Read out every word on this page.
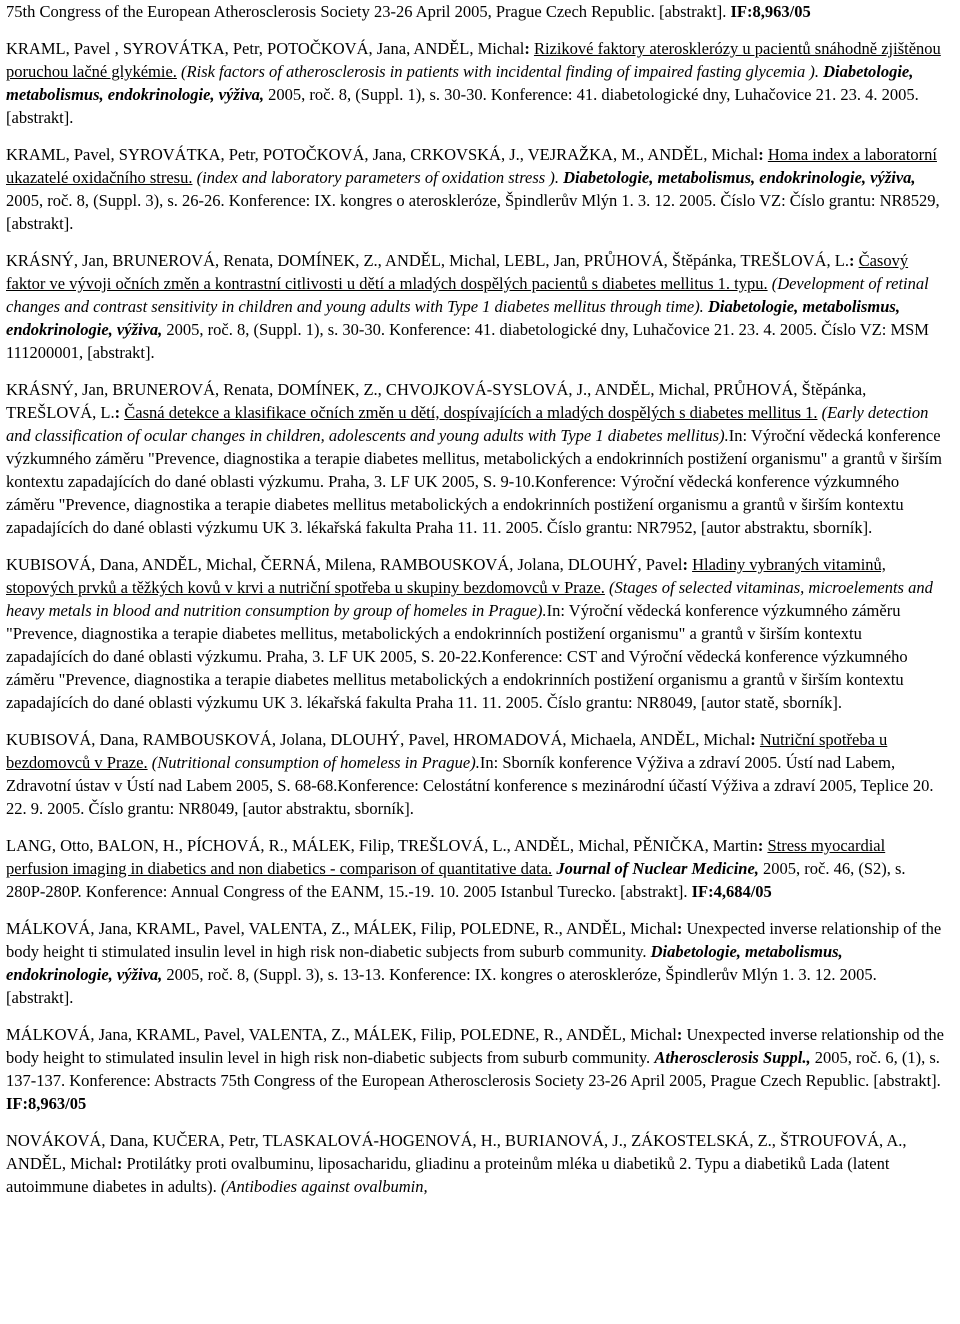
75th Congress of the European Atherosclerosis Society 23-26 April 2005, Prague Czech Republic. [abstrakt]. IF:8,963/05

KRAML, Pavel , SYROVÁTKA, Petr, POTOČKOVÁ, Jana, ANDĚL, Michal: Rizikové faktory aterosklerózy u pacientů snáhodně zjištěnou poruchou lačné glykémie. (Risk factors of atherosclerosis in patients with incidental finding of impaired fasting glycemia ). Diabetologie, metabolismus, endokrinologie, výživa, 2005, roč. 8, (Suppl. 1), s. 30-30. Konference: 41. diabetologické dny, Luhačovice 21. 23. 4. 2005. [abstrakt].

KRAML, Pavel, SYROVÁTKA, Petr, POTOČKOVÁ, Jana, CRKOVSKÁ, J., VEJRAŽKA, M., ANDĚL, Michal: Homa index a laboratorní ukazatelé oxidačního stresu. (index and laboratory parameters of oxidation stress ). Diabetologie, metabolismus, endokrinologie, výživa, 2005, roč. 8, (Suppl. 3), s. 26-26. Konference: IX. kongres o ateroskleróze, Špindlerův Mlýn 1. 3. 12. 2005. Číslo VZ: Číslo grantu: NR8529, [abstrakt].

KRÁSNÝ, Jan, BRUNEROVÁ, Renata, DOMÍNEK, Z., ANDĚL, Michal, LEBL, Jan, PRŮHOVÁ, Štěpánka, TREŠLOVÁ, L.: Časový faktor ve vývoji očních změn a kontrastní citlivosti u dětí a mladých dospělých pacientů s diabetes mellitus 1. typu. (Development of retinal changes and contrast sensitivity in children and young adults with Type 1 diabetes mellitus through time). Diabetologie, metabolismus, endokrinologie, výživa, 2005, roč. 8, (Suppl. 1), s. 30-30. Konference: 41. diabetologické dny, Luhačovice 21. 23. 4. 2005. Číslo VZ: MSM 111200001, [abstrakt].

KRÁSNÝ, Jan, BRUNEROVÁ, Renata, DOMÍNEK, Z., CHVOJKOVÁ-SYSLOVÁ, J., ANDĚL, Michal, PRŮHOVÁ, Štěpánka, TREŠLOVÁ, L.: Časná detekce a klasifikace očních změn u dětí, dospívajících a mladých dospělých s diabetes mellitus 1. (Early detection and classification of ocular changes in children, adolescents and young adults with Type 1 diabetes mellitus).In: Výroční vědecká konference výzkumného záměru "Prevence, diagnostika a terapie diabetes mellitus, metabolických a endokrinních postižení organismu" a grantů v širším kontextu zapadajících do dané oblasti výzkumu. Praha, 3. LF UK 2005, S. 9-10.Konference: Výroční vědecká konference výzkumného záměru "Prevence, diagnostika a terapie diabetes mellitus metabolických a endokrinních postižení organismu a grantů v širším kontextu zapadajících do dané oblasti výzkumu UK 3. lékařská fakulta Praha 11. 11. 2005. Číslo grantu: NR7952, [autor abstraktu, sborník].

KUBISOVÁ, Dana, ANDĚL, Michal, ČERNÁ, Milena, RAMBOUSKOVÁ, Jolana, DLOUHÝ, Pavel: Hladiny vybraných vitaminů, stopových prvků a těžkých kovů v krvi a nutriční spotřeba u skupiny bezdomovců v Praze. (Stages of selected vitaminas, microelements and heavy metals in blood and nutrition consumption by group of homeles in Prague).In: Výroční vědecká konference výzkumného záměru "Prevence, diagnostika a terapie diabetes mellitus, metabolických a endokrinních postižení organismu" a grantů v širším kontextu zapadajících do dané oblasti výzkumu. Praha, 3. LF UK 2005, S. 20-22.Konference: CST and Výroční vědecká konference výzkumného záměru "Prevence, diagnostika a terapie diabetes mellitus metabolických a endokrinních postižení organismu a grantů v širším kontextu zapadajících do dané oblasti výzkumu UK 3. lékařská fakulta Praha 11. 11. 2005. Číslo grantu: NR8049, [autor statě, sborník].

KUBISOVÁ, Dana, RAMBOUSKOVÁ, Jolana, DLOUHÝ, Pavel, HROMADOVÁ, Michaela, ANDĚL, Michal: Nutriční spotřeba u bezdomovců v Praze. (Nutritional consumption of homeless in Prague).In: Sborník konference Výživa a zdraví 2005. Ústí nad Labem, Zdravotní ústav v Ústí nad Labem 2005, S. 68-68.Konference: Celostátní konference s mezinárodní účastí Výživa a zdraví 2005, Teplice 20. 22. 9. 2005. Číslo grantu: NR8049, [autor abstraktu, sborník].

LANG, Otto, BALON, H., PÍCHOVÁ, R., MÁLEK, Filip, TREŠLOVÁ, L., ANDĚL, Michal, PĚNIČKA, Martin: Stress myocardial perfusion imaging in diabetics and non diabetics - comparison of quantitative data. Journal of Nuclear Medicine, 2005, roč. 46, (S2), s. 280P-280P. Konference: Annual Congress of the EANM, 15.-19. 10. 2005 Istanbul Turecko. [abstrakt]. IF:4,684/05

MÁLKOVÁ, Jana, KRAML, Pavel, VALENTA, Z., MÁLEK, Filip, POLEDNE, R., ANDĚL, Michal: Unexpected inverse relationship of the body height ti stimulated insulin level in high risk non-diabetic subjects from suburb community. Diabetologie, metabolismus, endokrinologie, výživa, 2005, roč. 8, (Suppl. 3), s. 13-13. Konference: IX. kongres o ateroskleróze, Špindlerův Mlýn 1. 3. 12. 2005. [abstrakt].

MÁLKOVÁ, Jana, KRAML, Pavel, VALENTA, Z., MÁLEK, Filip, POLEDNE, R., ANDĚL, Michal: Unexpected inverse relationship od the body height to stimulated insulin level in high risk non-diabetic subjects from suburb community. Atherosclerosis Suppl., 2005, roč. 6, (1), s. 137-137. Konference: Abstracts 75th Congress of the European Atherosclerosis Society 23-26 April 2005, Prague Czech Republic. [abstrakt]. IF:8,963/05

NOVÁKOVÁ, Dana, KUČERA, Petr, TLASKALOVÁ-HOGENOVÁ, H., BURIANOVÁ, J., ZÁKOSTELSKÁ, Z., ŠTROUFOVÁ, A., ANDĚL, Michal: Protilátky proti ovalbuminu, liposacharidu, gliadinu a proteinům mléka u diabetiků 2. Typu a diabetiků Lada (latent autoimmune diabetes in adults). (Antibodies against ovalbumin,
